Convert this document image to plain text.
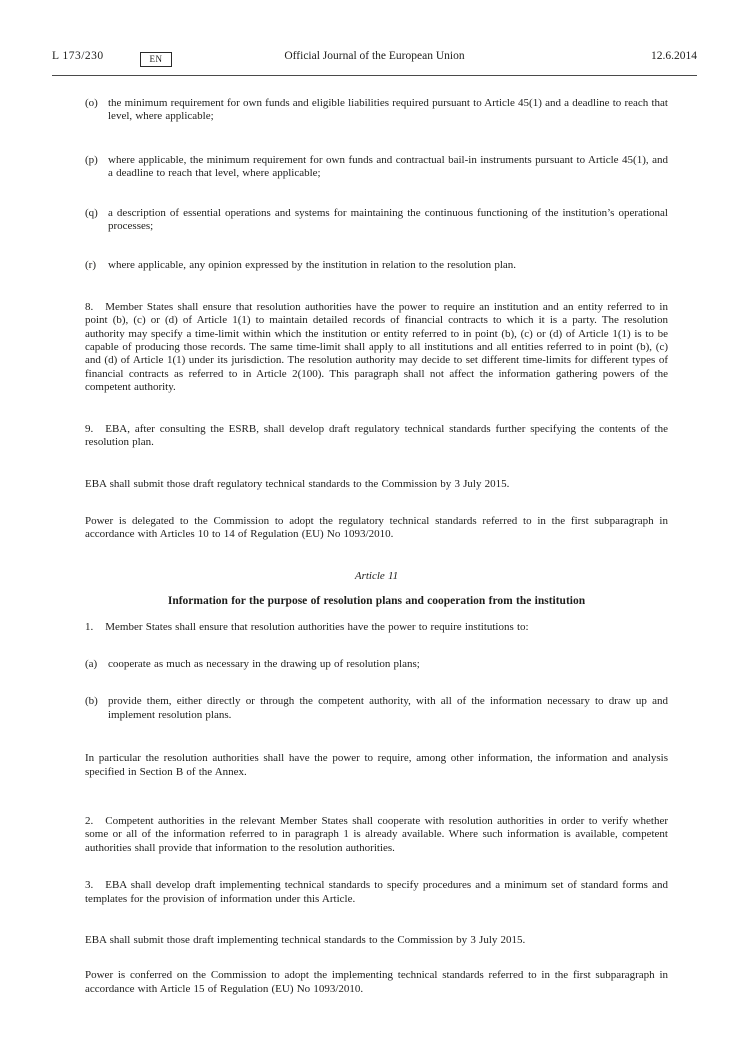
L 173/230	EN	Official Journal of the European Union	12.6.2014
(o) the minimum requirement for own funds and eligible liabilities required pursuant to Article 45(1) and a deadline to reach that level, where applicable;
(p) where applicable, the minimum requirement for own funds and contractual bail-in instruments pursuant to Article 45(1), and a deadline to reach that level, where applicable;
(q) a description of essential operations and systems for maintaining the continuous functioning of the institution’s operational processes;
(r) where applicable, any opinion expressed by the institution in relation to the resolution plan.
8. Member States shall ensure that resolution authorities have the power to require an institution and an entity referred to in point (b), (c) or (d) of Article 1(1) to maintain detailed records of financial contracts to which it is a party. The resolution authority may specify a time-limit within which the institution or entity referred to in point (b), (c) or (d) of Article 1(1) is to be capable of producing those records. The same time-limit shall apply to all institutions and all entities referred to in point (b), (c) and (d) of Article 1(1) under its jurisdiction. The resolution authority may decide to set different time-limits for different types of financial contracts as referred to in Article 2(100). This paragraph shall not affect the information gathering powers of the competent authority.
9. EBA, after consulting the ESRB, shall develop draft regulatory technical standards further specifying the contents of the resolution plan.
EBA shall submit those draft regulatory technical standards to the Commission by 3 July 2015.
Power is delegated to the Commission to adopt the regulatory technical standards referred to in the first subparagraph in accordance with Articles 10 to 14 of Regulation (EU) No 1093/2010.
Article 11
Information for the purpose of resolution plans and cooperation from the institution
1. Member States shall ensure that resolution authorities have the power to require institutions to:
(a) cooperate as much as necessary in the drawing up of resolution plans;
(b) provide them, either directly or through the competent authority, with all of the information necessary to draw up and implement resolution plans.
In particular the resolution authorities shall have the power to require, among other information, the information and analysis specified in Section B of the Annex.
2. Competent authorities in the relevant Member States shall cooperate with resolution authorities in order to verify whether some or all of the information referred to in paragraph 1 is already available. Where such information is available, competent authorities shall provide that information to the resolution authorities.
3. EBA shall develop draft implementing technical standards to specify procedures and a minimum set of standard forms and templates for the provision of information under this Article.
EBA shall submit those draft implementing technical standards to the Commission by 3 July 2015.
Power is conferred on the Commission to adopt the implementing technical standards referred to in the first subparagraph in accordance with Article 15 of Regulation (EU) No 1093/2010.
